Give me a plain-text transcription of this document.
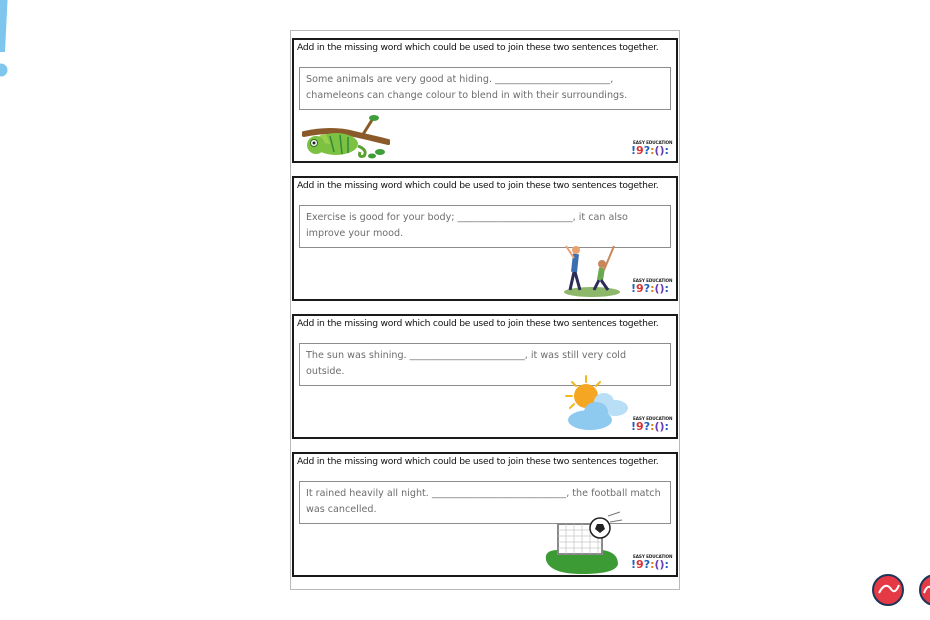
Add in the missing word which could be used to join these two sentences together.
Some animals are very good at hiding. ________________________, chameleons can change colour to blend in with their surroundings.
EASY EDUCATION
!9?:():
Add in the missing word which could be used to join these two sentences together.
Exercise is good for your body; ________________________, it can also improve your mood.
EASY EDUCATION
!9?:():
Add in the missing word which could be used to join these two sentences together.
The sun was shining. ________________________, it was still very cold outside.
EASY EDUCATION
!9?:():
Add in the missing word which could be used to join these two sentences together.
It rained heavily all night. ____________________________, the football match was cancelled.
EASY EDUCATION
!9?:():
